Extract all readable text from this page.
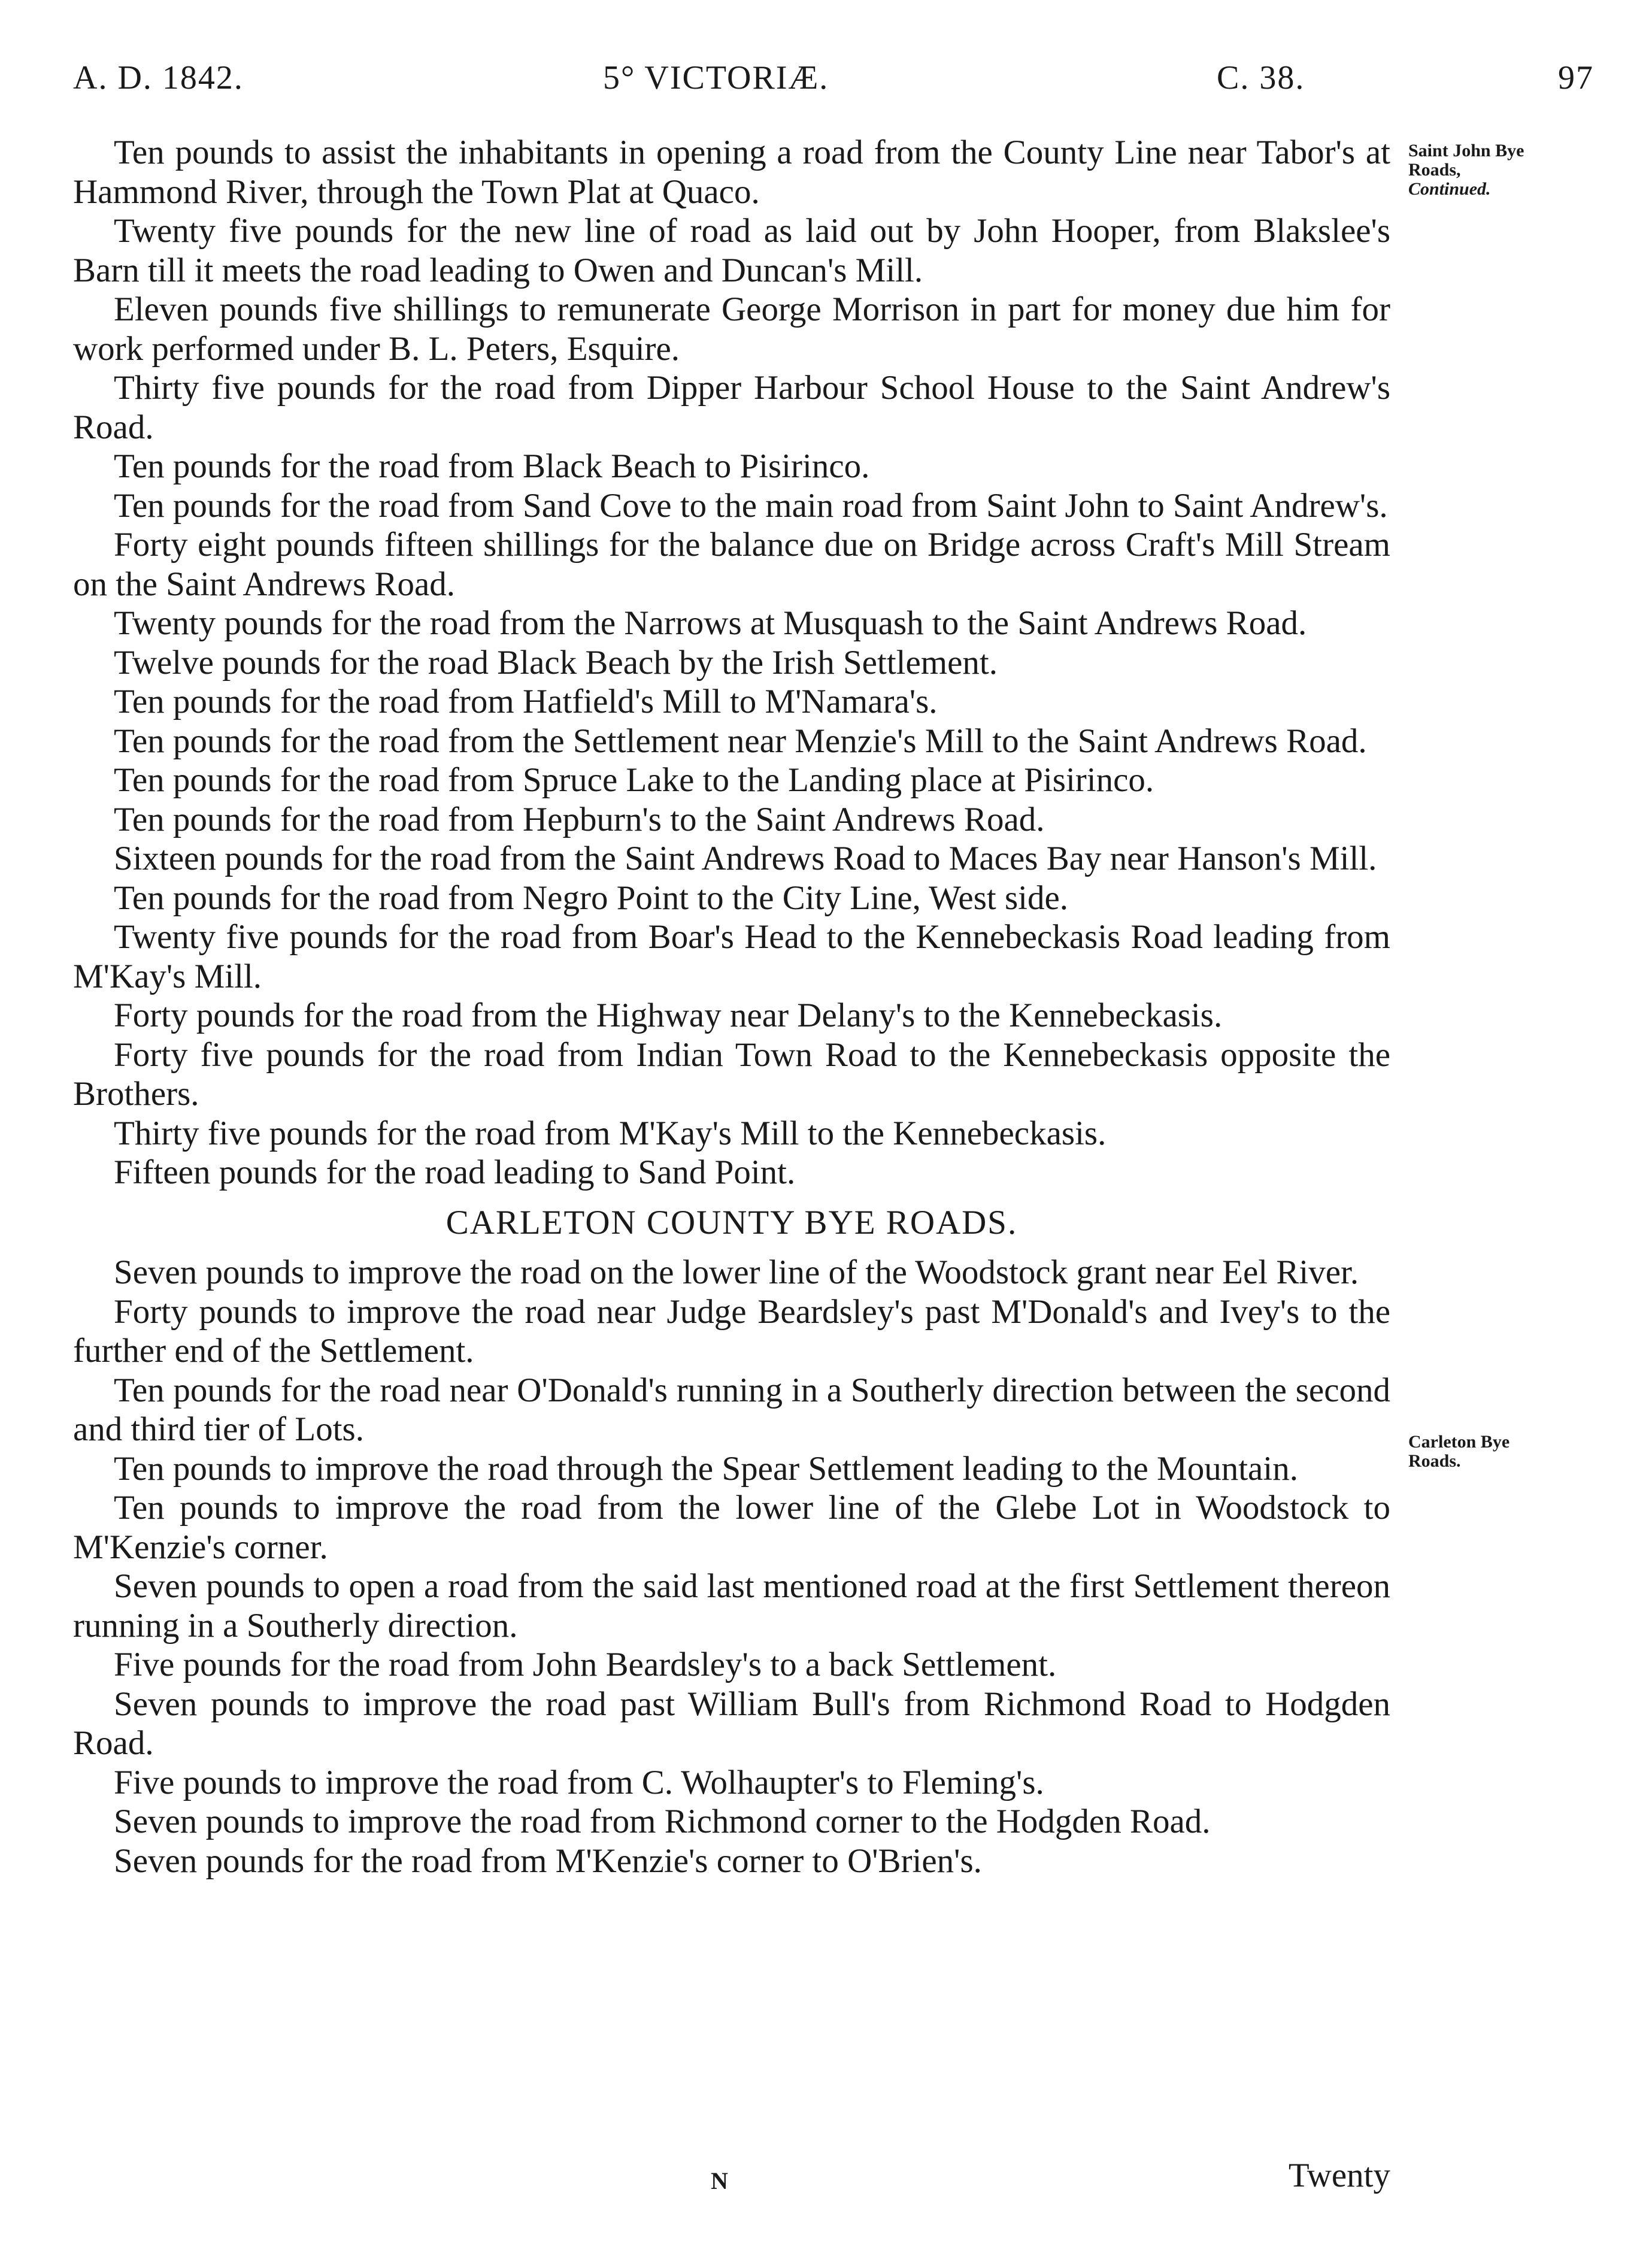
A. D. 1842.	5° VICTORIÆ.	C. 38.	97
Saint John Bye
Roads,
Continued.
Carleton Bye
Roads.

Ten pounds to assist the inhabitants in opening a road from the County Line near Tabor's at Hammond River, through the Town Plat at Quaco.

Twenty five pounds for the new line of road as laid out by John Hooper, from Blakslee's Barn till it meets the road leading to Owen and Duncan's Mill.

Eleven pounds five shillings to remunerate George Morrison in part for money due him for work performed under B. L. Peters, Esquire.

Thirty five pounds for the road from Dipper Harbour School House to the Saint Andrew's Road.

Ten pounds for the road from Black Beach to Pisirinco.

Ten pounds for the road from Sand Cove to the main road from Saint John to Saint Andrew's.

Forty eight pounds fifteen shillings for the balance due on Bridge across Craft's Mill Stream on the Saint Andrews Road.

Twenty pounds for the road from the Narrows at Musquash to the Saint Andrews Road.

Twelve pounds for the road Black Beach by the Irish Settlement.

Ten pounds for the road from Hatfield's Mill to M'Namara's.

Ten pounds for the road from the Settlement near Menzie's Mill to the Saint Andrews Road.

Ten pounds for the road from Spruce Lake to the Landing place at Pisirinco.

Ten pounds for the road from Hepburn's to the Saint Andrews Road.

Sixteen pounds for the road from the Saint Andrews Road to Maces Bay near Hanson's Mill.

Ten pounds for the road from Negro Point to the City Line, West side.

Twenty five pounds for the road from Boar's Head to the Kennebeckasis Road leading from M'Kay's Mill.

Forty pounds for the road from the Highway near Delany's to the Kennebeckasis.

Forty five pounds for the road from Indian Town Road to the Kennebeckasis opposite the Brothers.

Thirty five pounds for the road from M'Kay's Mill to the Kennebeckasis.

Fifteen pounds for the road leading to Sand Point.

CARLETON COUNTY BYE ROADS.

Seven pounds to improve the road on the lower line of the Woodstock grant near Eel River.

Forty pounds to improve the road near Judge Beardsley's past M'Donald's and Ivey's to the further end of the Settlement.

Ten pounds for the road near O'Donald's running in a Southerly direction between the second and third tier of Lots.

Ten pounds to improve the road through the Spear Settlement leading to the Mountain.

Ten pounds to improve the road from the lower line of the Glebe Lot in Woodstock to M'Kenzie's corner.

Seven pounds to open a road from the said last mentioned road at the first Settlement thereon running in a Southerly direction.

Five pounds for the road from John Beardsley's to a back Settlement.

Seven pounds to improve the road past William Bull's from Richmond Road to Hodgden Road.

Five pounds to improve the road from C. Wolhaupter's to Fleming's.

Seven pounds to improve the road from Richmond corner to the Hodgden Road.

Seven pounds for the road from M'Kenzie's corner to O'Brien's.

N	Twenty
